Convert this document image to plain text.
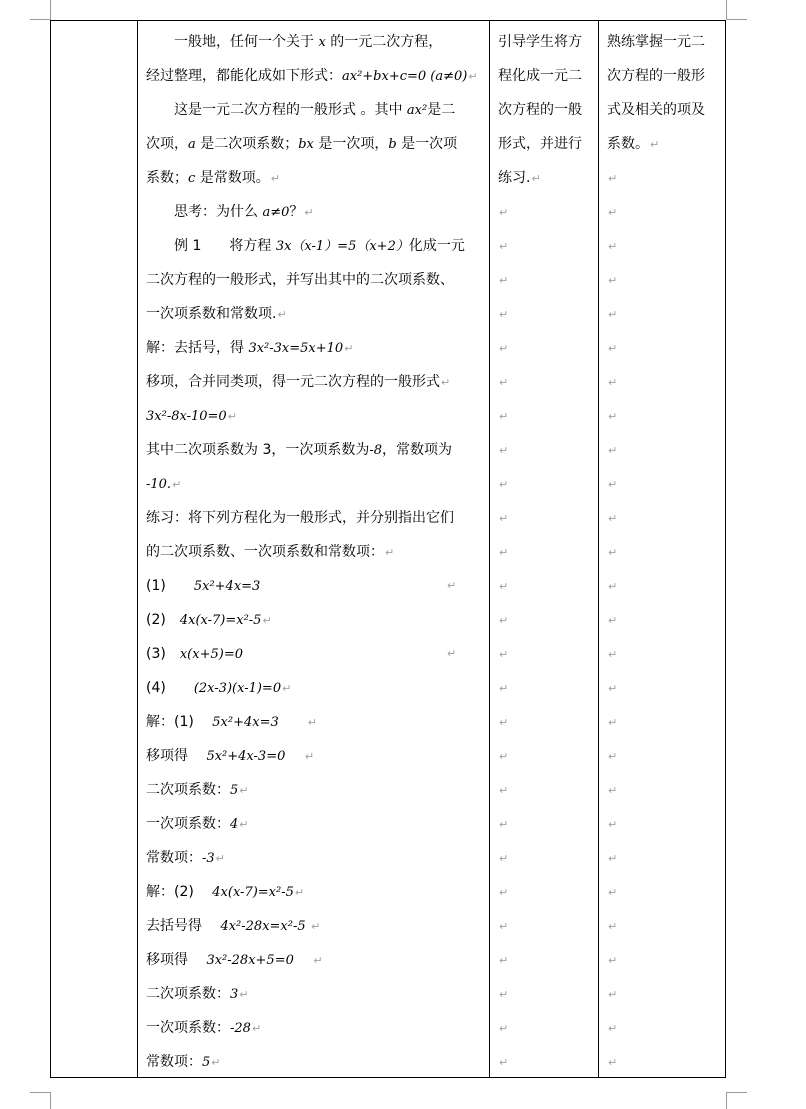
　　一般地，任何一个关于 x 的一元二次方程，	引导学生将方	熟练掌握一元二
经过整理，都能化成如下形式：ax²+bx+c=0 (a≠0)↵	程化成一元二	次方程的一般形
　　这是一元二次方程的一般形式 。其中 ax²是二	次方程的一般	式及相关的项及
次项，a 是二次项系数；bx 是一次项，b 是一次项	形式，并进行	系数。↵
系数；c 是常数项。↵	练习.↵	↵
　　思考：为什么 a≠0？↵	↵	↵
　　例 1　　将方程 3x（x-1）=5（x+2）化成一元	↵	↵
二次方程的一般形式，并写出其中的二次项系数、	↵	↵
一次项系数和常数项.↵	↵	↵
解：去括号，得 3x²-3x=5x+10↵	↵	↵
移项，合并同类项，得一元二次方程的一般形式↵	↵	↵
3x²-8x-10=0↵	↵	↵
其中二次项系数为 3，一次项系数为-8，常数项为	↵	↵
-10.↵	↵	↵
练习：将下列方程化为一般形式，并分别指出它们	↵	↵
的二次项系数、一次项系数和常数项：↵	↵	↵
(1)　　5x²+4x=3	↵	↵	↵
(2)　4x(x-7)=x²-5↵	↵	↵
(3)　x(x+5)=0	↵	↵	↵
(4)　　(2x-3)(x-1)=0↵	↵	↵
解：(1)　 5x²+4x=3　　	↵	↵	↵
移项得　 5x²+4x-3=0　 ↵	↵	↵
二次项系数：5↵	↵	↵
一次项系数：4↵	↵	↵
常数项：-3↵	↵	↵
解：(2)　 4x(x-7)=x²-5↵	↵	↵
去括号得　 4x²-28x=x²-5 ↵	↵	↵
移项得　 3x²-28x+5=0　 ↵	↵	↵
二次项系数：3↵	↵	↵
一次项系数：-28↵	↵	↵
常数项：5↵	↵	↵
